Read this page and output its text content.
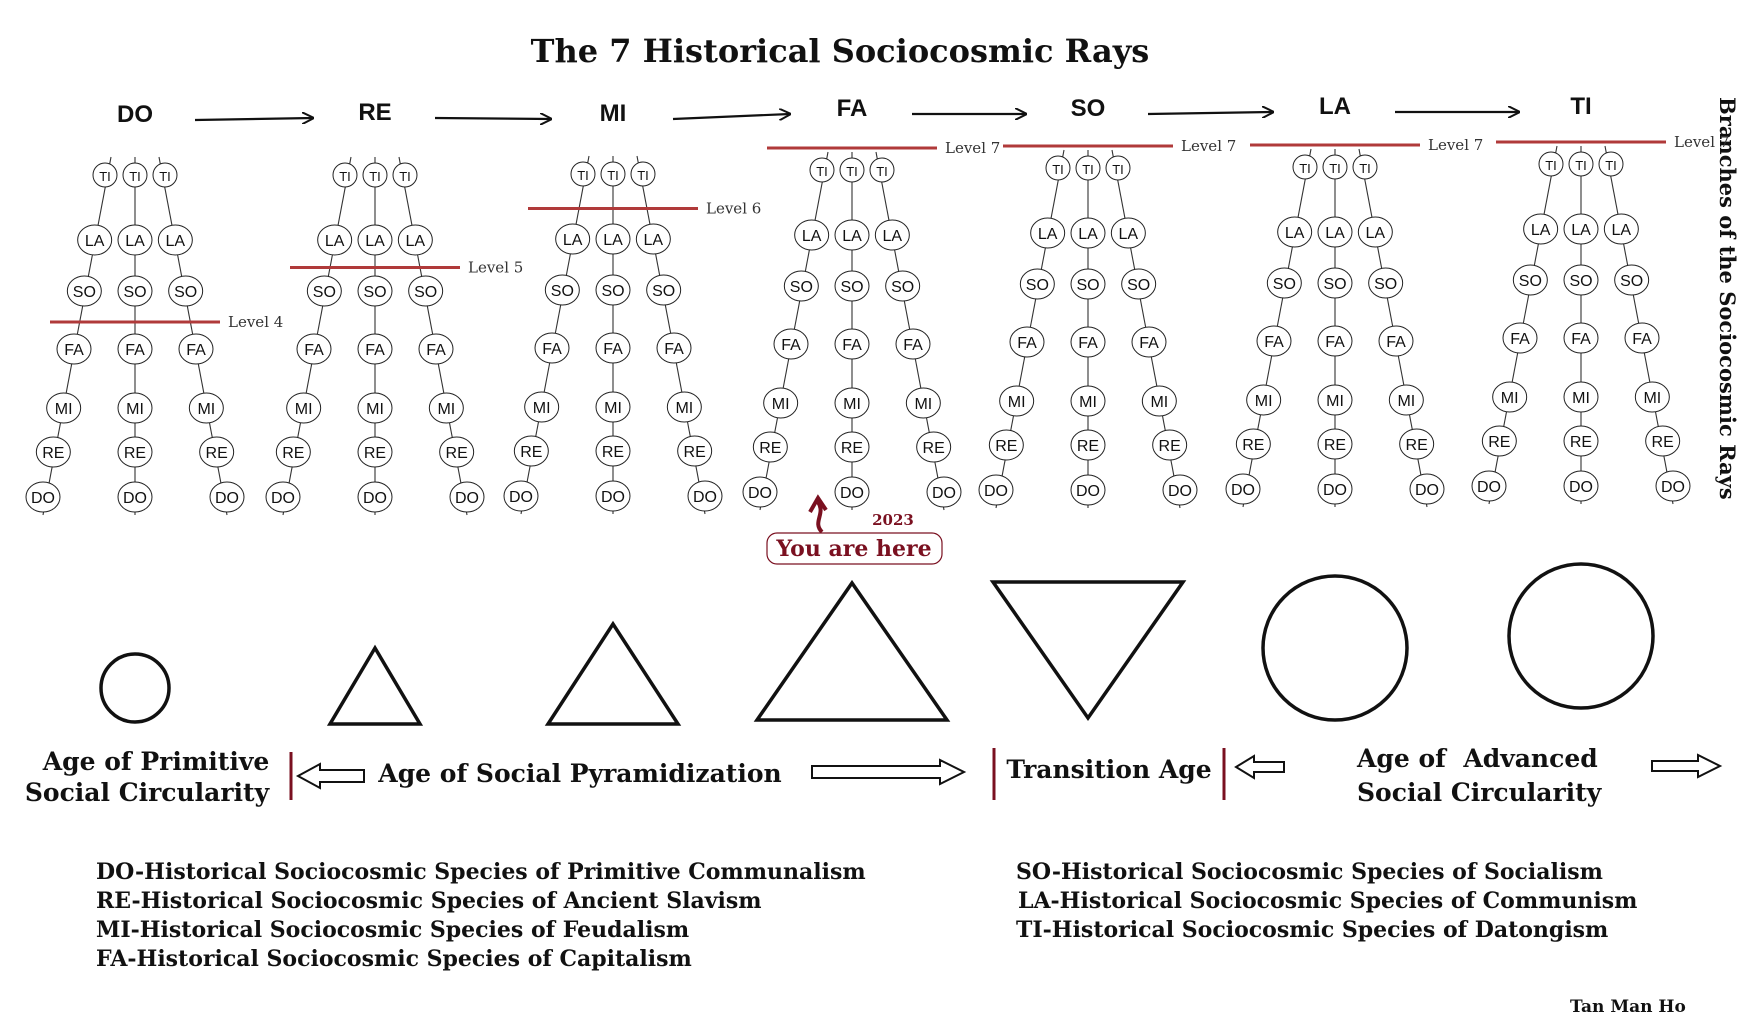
The 7 Historical Sociocosmic Rays
Branches of the Sociocosmic Rays
DO	RE	MI	FA	SO	LA	TI
DO
RE
MI
FA
SO
LA
TI
DO
RE
MI
FA
SO
LA
TI
DO
RE
MI
FA
SO
LA
TI
Level 4
DO
RE
MI
FA
SO
LA
TI
DO
RE
MI
FA
SO
LA
TI
DO
RE
MI
FA
SO
LA
TI
Level 5
DO
RE
MI
FA
SO
LA
TI
DO
RE
MI
FA
SO
LA
TI
DO
RE
MI
FA
SO
LA
TI
Level 6
DO
RE
MI
FA
SO
LA
TI
DO
RE
MI
FA
SO
LA
TI
DO
RE
MI
FA
SO
LA
TI
Level 7
DO
RE
MI
FA
SO
LA
TI
DO
RE
MI
FA
SO
LA
TI
DO
RE
MI
FA
SO
LA
TI
Level 7
DO
RE
MI
FA
SO
LA
TI
DO
RE
MI
FA
SO
LA
TI
DO
RE
MI
FA
SO
LA
TI
Level 7
DO
RE
MI
FA
SO
LA
TI
DO
RE
MI
FA
SO
LA
TI
DO
RE
MI
FA
SO
LA
TI
Level 7
2023
You are here
Age of Primitive
Social Circularity
Age of Social Pyramidization	Transition Age	Age of  Advanced
Social Circularity
DO-Historical Sociocosmic Species of Primitive Communalism
RE-Historical Sociocosmic Species of Ancient Slavism
MI-Historical Sociocosmic Species of Feudalism
FA-Historical Sociocosmic Species of Capitalism
SO-Historical Sociocosmic Species of Socialism
LA-Historical Sociocosmic Species of Communism
TI-Historical Sociocosmic Species of Datongism
Tan Man Ho
